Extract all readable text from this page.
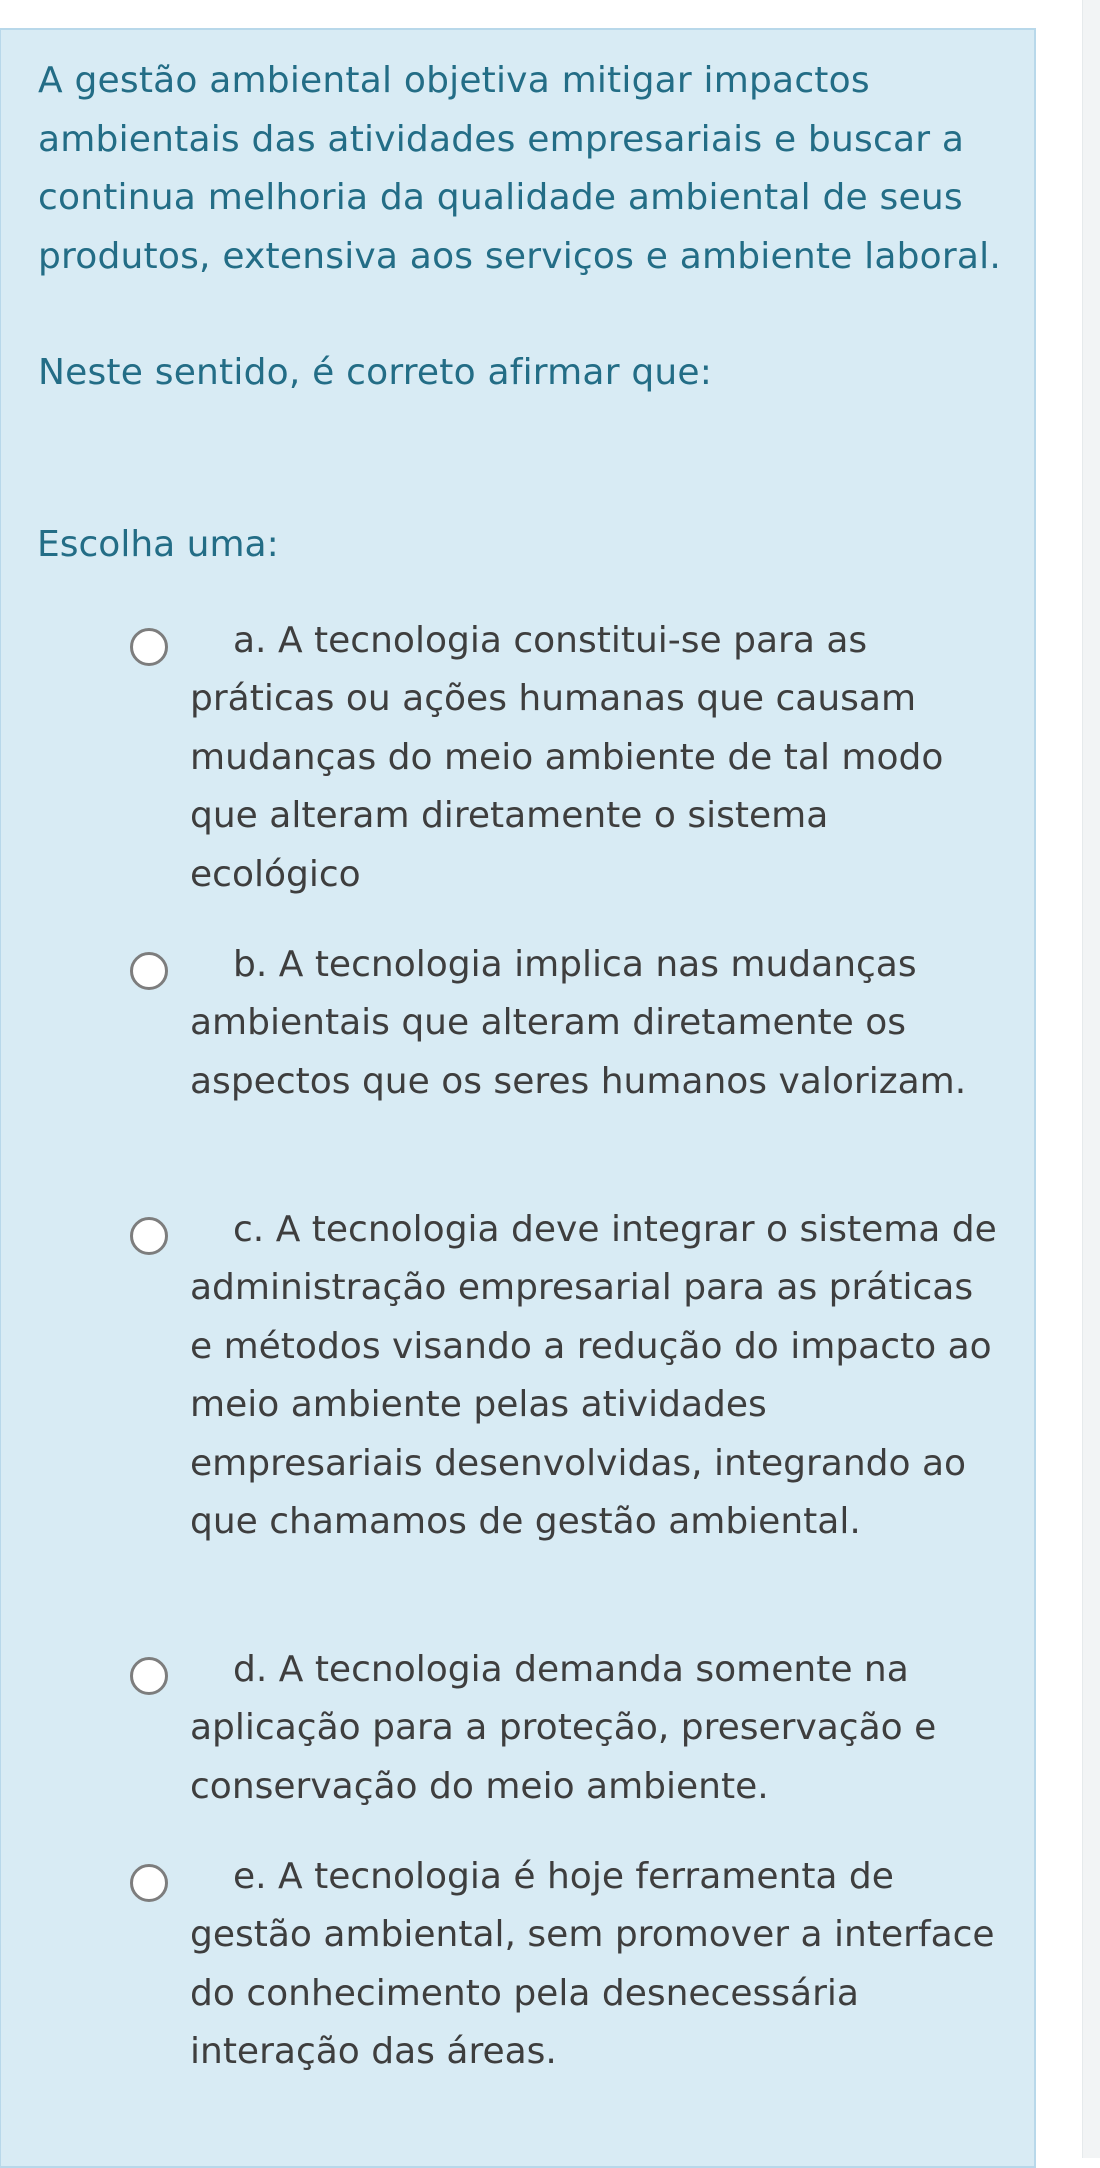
A gestão ambiental objetiva mitigar impactos ambientais das atividades empresariais e buscar a continua melhoria da qualidade ambiental de seus produtos, extensiva aos serviços e ambiente laboral.

Neste sentido, é correto afirmar que:

Escolha uma:
a. A tecnologia constitui-se para as práticas ou ações humanas que causam mudanças do meio ambiente de tal modo que alteram diretamente o sistema ecológico
b. A tecnologia implica nas mudanças ambientais que alteram diretamente os aspectos que os seres humanos valorizam.
c. A tecnologia deve integrar o sistema de administração empresarial para as práticas e métodos visando a redução do impacto ao meio ambiente pelas atividades empresariais desenvolvidas, integrando ao que chamamos de gestão ambiental.
d. A tecnologia demanda somente na aplicação para a proteção, preservação e conservação do meio ambiente.
e. A tecnologia é hoje ferramenta de gestão ambiental, sem promover a interface do conhecimento pela desnecessária interação das áreas.
